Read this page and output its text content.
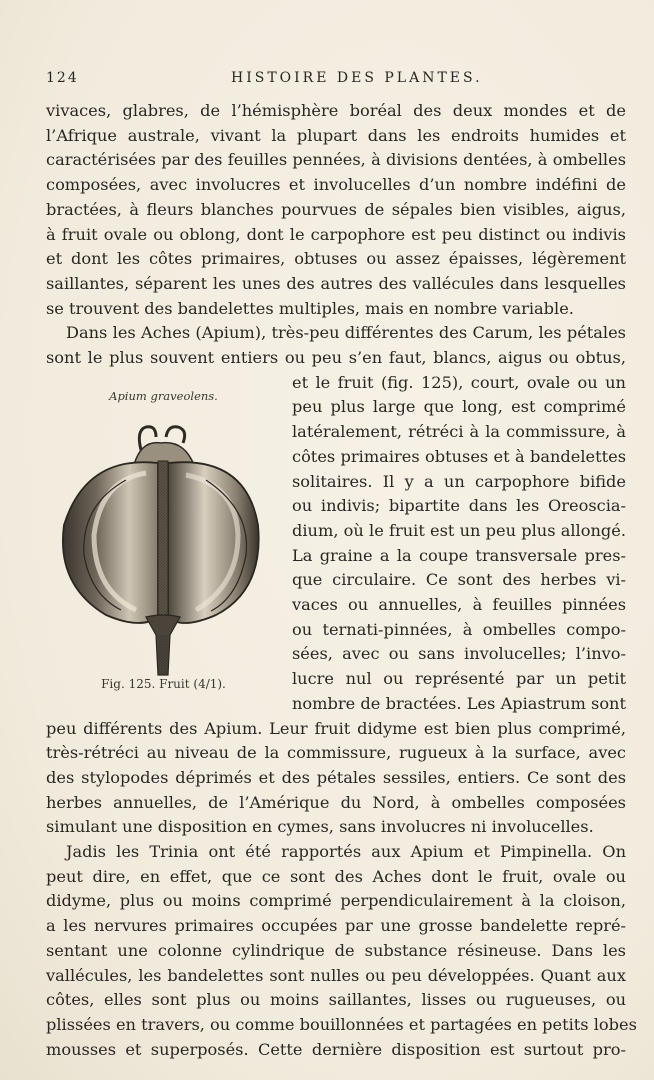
124	HISTOIRE DES PLANTES.
vivaces, glabres, de l’hémisphère boréal des deux mondes et de
l’Afrique australe, vivant la plupart dans les endroits humides et
caractérisées par des feuilles pennées, à divisions dentées, à ombelles
composées, avec involucres et involucelles d’un nombre indéfini de
bractées, à fleurs blanches pourvues de sépales bien visibles, aigus,
à fruit ovale ou oblong, dont le carpophore est peu distinct ou indivis
et dont les côtes primaires, obtuses ou assez épaisses, légèrement
saillantes, séparent les unes des autres des vallécules dans lesquelles
se trouvent des bandelettes multiples, mais en nombre variable.
Dans les Aches (Apium), très-peu différentes des Carum, les pétales
sont le plus souvent entiers ou peu s’en faut, blancs, aigus ou obtus,
et le fruit (fig. 125), court, ovale ou un
peu plus large que long, est comprimé
latéralement, rétréci à la commissure, à
côtes primaires obtuses et à bandelettes
solitaires. Il y a un carpophore bifide
ou indivis; bipartite dans les Oreoscia-
dium, où le fruit est un peu plus allongé.
La graine a la coupe transversale pres-
que circulaire. Ce sont des herbes vi-
vaces ou annuelles, à feuilles pinnées
ou ternati-pinnées, à ombelles compo-
sées, avec ou sans involucelles; l’invo-
lucre nul ou représenté par un petit
nombre de bractées. Les Apiastrum sont
peu différents des Apium. Leur fruit didyme est bien plus comprimé,
très-rétréci au niveau de la commissure, rugueux à la surface, avec
des stylopodes déprimés et des pétales sessiles, entiers. Ce sont des
herbes annuelles, de l’Amérique du Nord, à ombelles composées
simulant une disposition en cymes, sans involucres ni involucelles.
Jadis les Trinia ont été rapportés aux Apium et Pimpinella. On
peut dire, en effet, que ce sont des Aches dont le fruit, ovale ou
didyme, plus ou moins comprimé perpendiculairement à la cloison,
a les nervures primaires occupées par une grosse bandelette repré-
sentant une colonne cylindrique de substance résineuse. Dans les
vallécules, les bandelettes sont nulles ou peu développées. Quant aux
côtes, elles sont plus ou moins saillantes, lisses ou rugueuses, ou
plissées en travers, ou comme bouillonnées et partagées en petits lobes
mousses et superposés. Cette dernière disposition est surtout pro-
Apium graveolens.
Fig. 125. Fruit (4/1).
